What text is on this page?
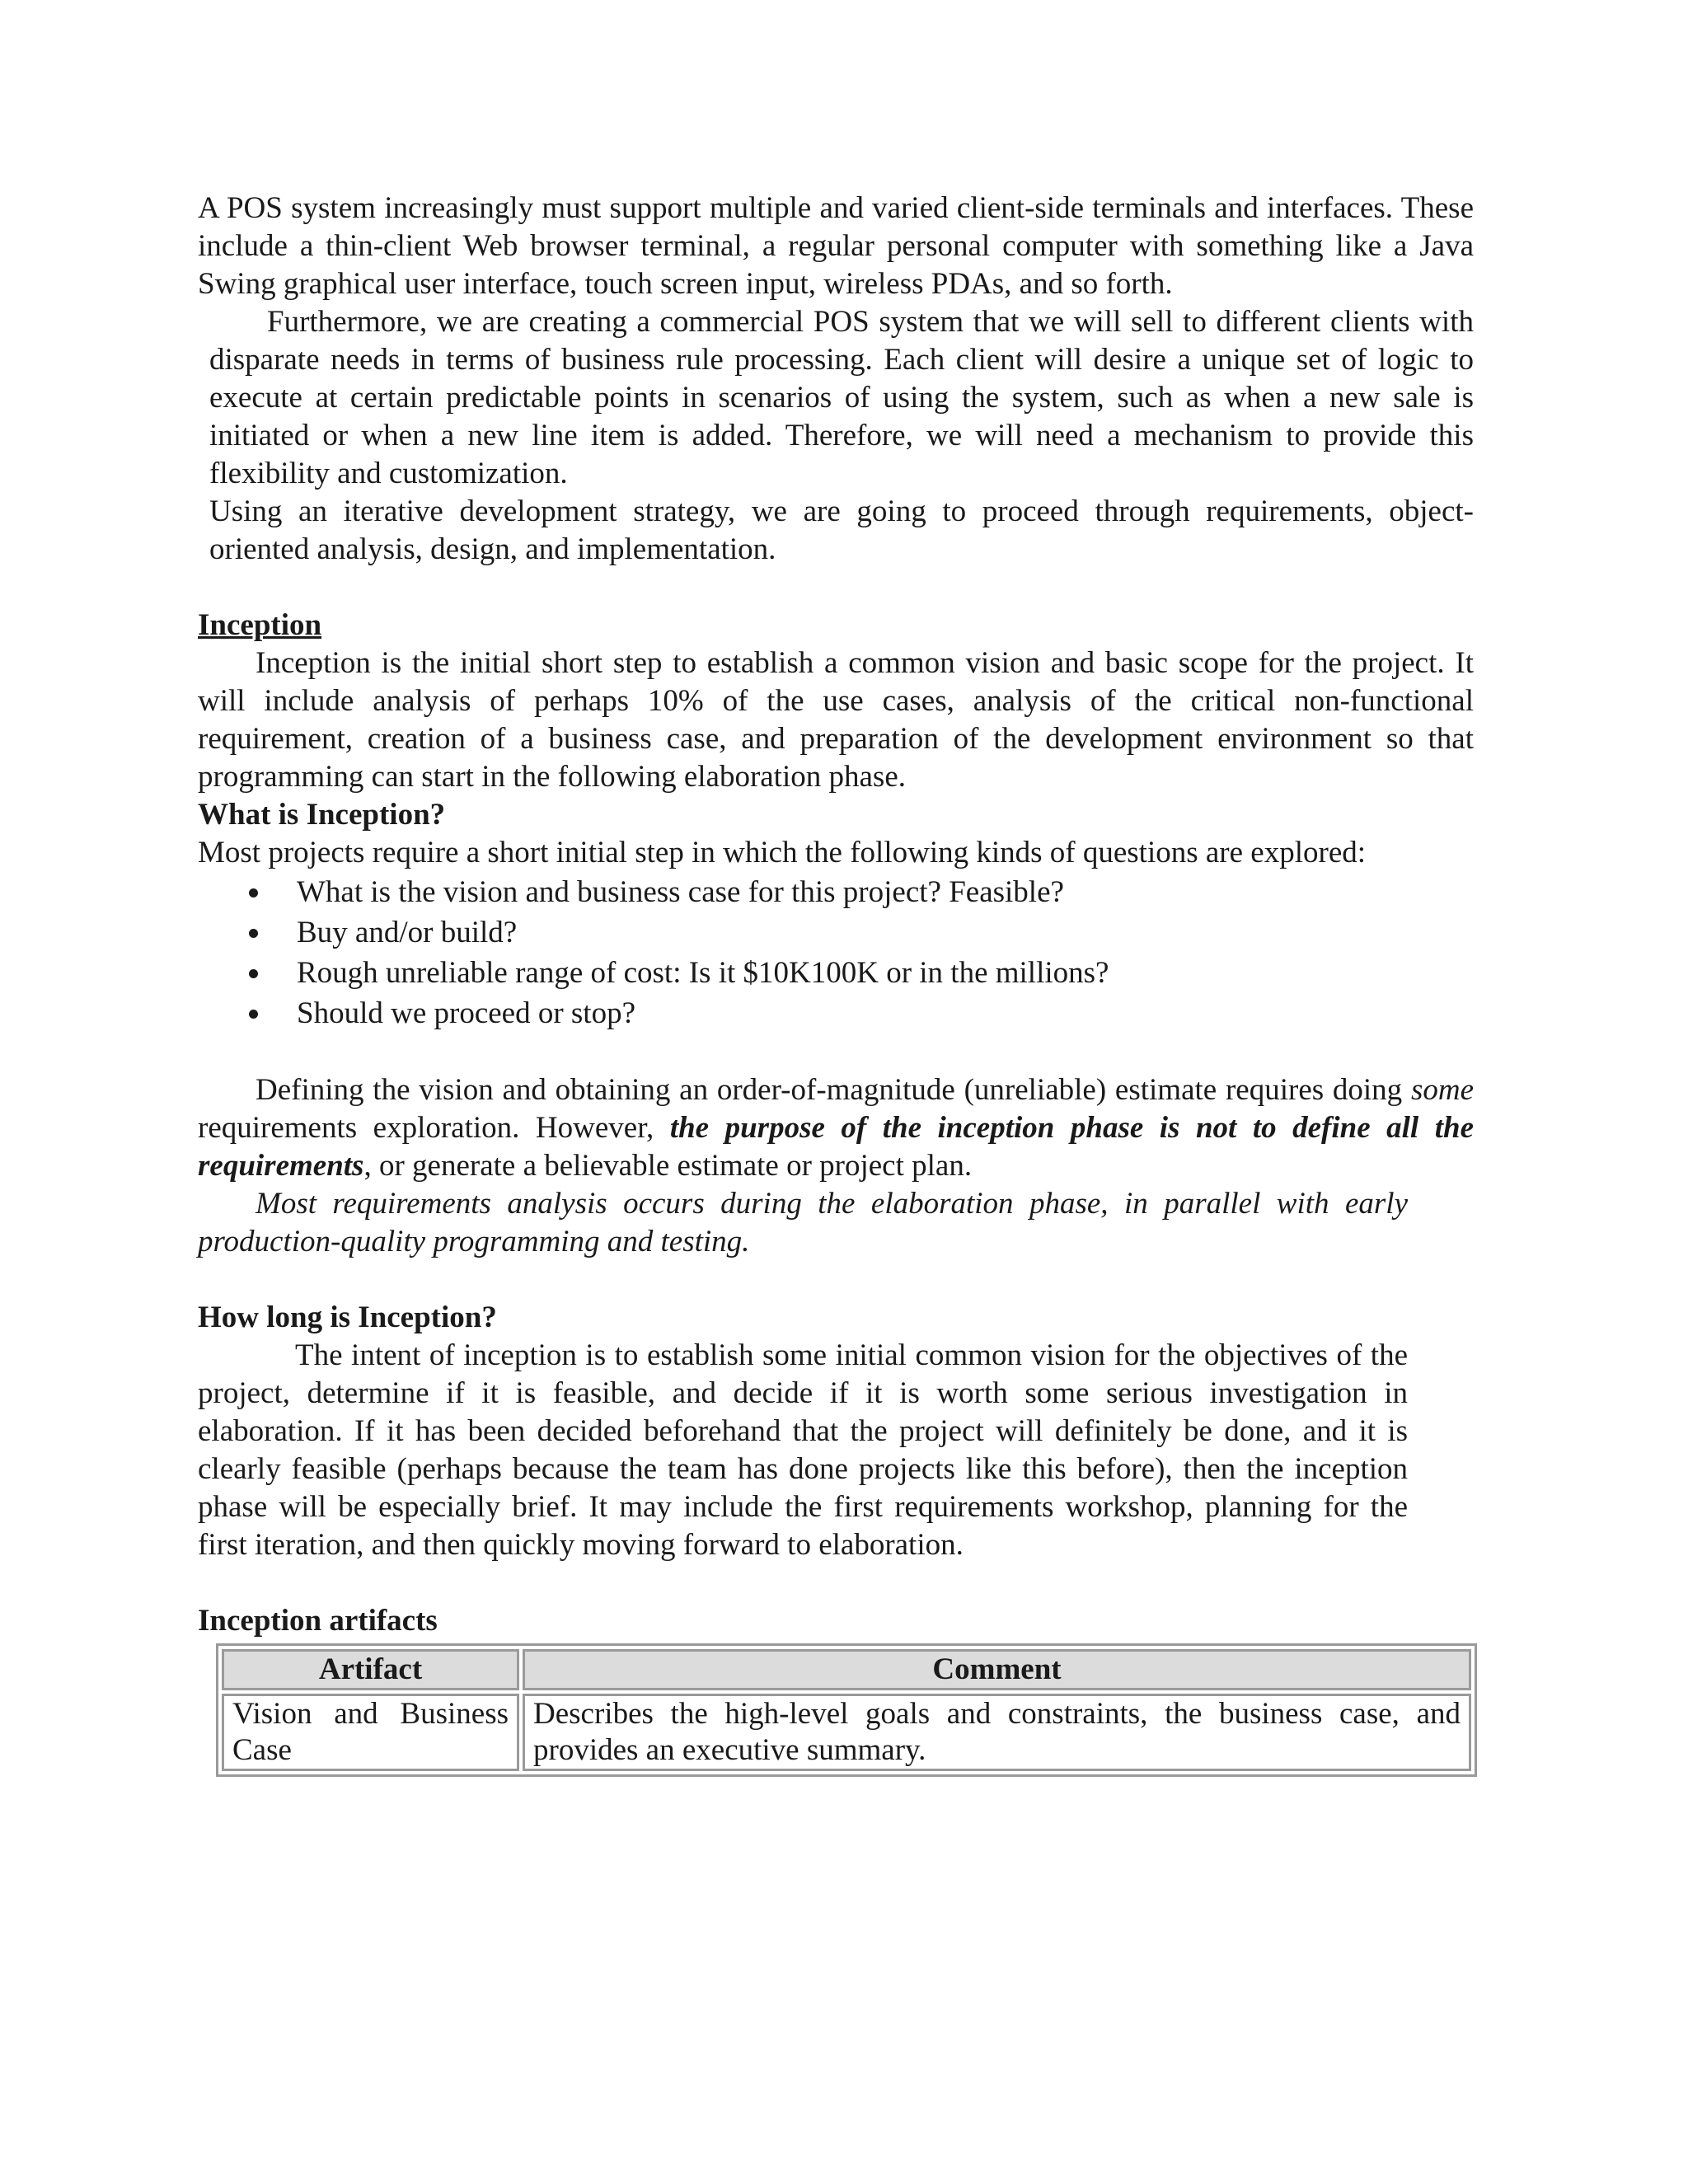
A POS system increasingly must support multiple and varied client-side terminals and interfaces. These include a thin-client Web browser terminal, a regular personal computer with something like a Java Swing graphical user interface, touch screen input, wireless PDAs, and so forth.

Furthermore, we are creating a commercial POS system that we will sell to different clients with disparate needs in terms of business rule processing. Each client will desire a unique set of logic to execute at certain predictable points in scenarios of using the system, such as when a new sale is initiated or when a new line item is added. Therefore, we will need a mechanism to provide this flexibility and customization.

Using an iterative development strategy, we are going to proceed through requirements, object- oriented analysis, design, and implementation.

Inception

Inception is the initial short step to establish a common vision and basic scope for the project. It will include analysis of perhaps 10% of the use cases, analysis of the critical non-functional requirement, creation of a business case, and preparation of the development environment so that programming can start in the following elaboration phase.

What is Inception?

Most projects require a short initial step in which the following kinds of questions are explored:

What is the vision and business case for this project? Feasible?
Buy and/or build?
Rough unreliable range of cost: Is it $10K100K or in the millions?
Should we proceed or stop?

Defining the vision and obtaining an order-of-magnitude (unreliable) estimate requires doing some requirements exploration. However, the purpose of the inception phase is not to define all the requirements, or generate a believable estimate or project plan.

Most requirements analysis occurs during the elaboration phase, in parallel with early production-quality programming and testing.

How long is Inception?

The intent of inception is to establish some initial common vision for the objectives of the project, determine if it is feasible, and decide if it is worth some serious investigation in elaboration. If it has been decided beforehand that the project will definitely be done, and it is clearly feasible (perhaps because the team has done projects like this before), then the inception phase will be especially brief. It may include the first requirements workshop, planning for the first iteration, and then quickly moving forward to elaboration.

Inception artifacts

Artifact	Comment
Vision and Business Case	Describes the high-level goals and constraints, the business case, and provides an executive summary.
